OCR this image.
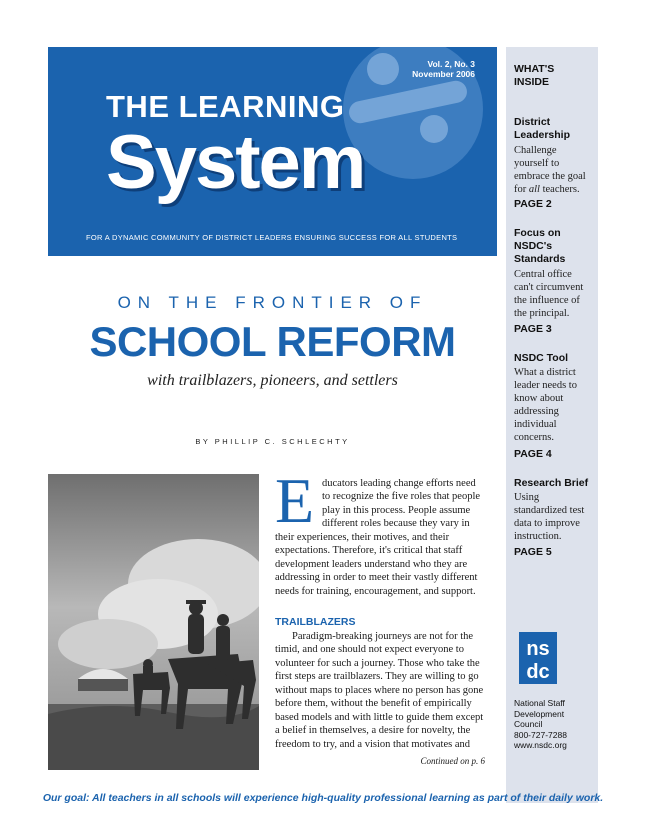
Vol. 2, No. 3
November 2006
THE LEARNING
System
FOR A DYNAMIC COMMUNITY OF DISTRICT LEADERS ENSURING SUCCESS FOR ALL STUDENTS
WHAT'S
INSIDE
District
Leadership
Challenge
yourself to
embrace the goal
for all teachers.
PAGE 2
Focus on
NSDC's
Standards
Central office
can't circumvent
the influence of
the principal.
PAGE 3
NSDC Tool
What a district
leader needs to
know about
addressing
individual
concerns.
PAGE 4
Research Brief
Using
standardized test
data to improve
instruction.
PAGE 5
ns
dc
National Staff
Development
Council
800-727-7288
www.nsdc.org
ON THE FRONTIER OF
SCHOOL REFORM
with trailblazers, pioneers, and settlers
BY PHILLIP C. SCHLECHTY
E ducators leading change efforts need
to recognize the five roles that people
play in this process. People assume
different roles because they vary in
their experiences, their motives, and their
expectations. Therefore, it's critical that staff
development leaders understand who they are
addressing in order to meet their vastly different
needs for training, encouragement, and support.
TRAILBLAZERS
Paradigm-breaking journeys are not for the
timid, and one should not expect everyone to
volunteer for such a journey. Those who take the
first steps are trailblazers. They are willing to go
without maps to places where no person has gone
before them, without the benefit of empirically
based models and with little to guide them except
a belief in themselves, a desire for novelty, the
freedom to try, and a vision that motivates and
Continued on p. 6
Our goal: All teachers in all schools will experience high-quality professional learning as part of their daily work.
